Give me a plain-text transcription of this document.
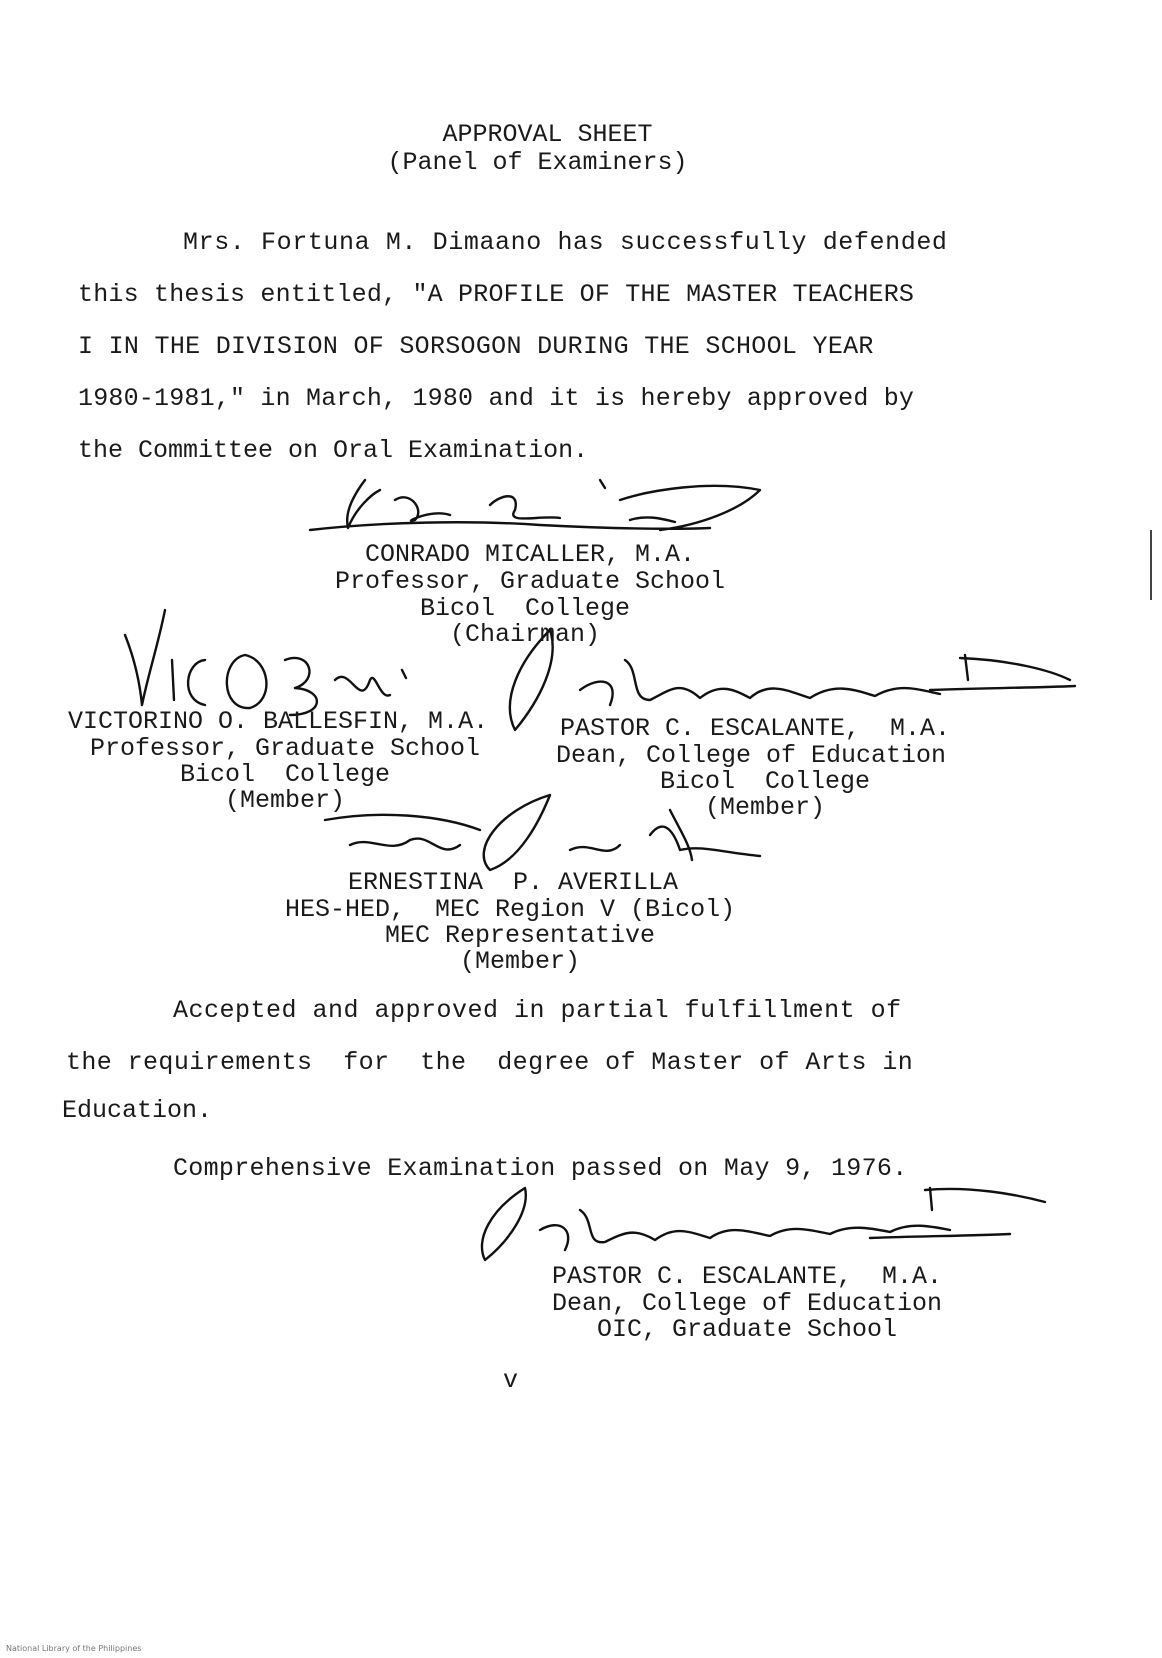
APPROVAL SHEET
(Panel of Examiners)
Mrs. Fortuna M. Dimaano has successfully defended
this thesis entitled, "A PROFILE OF THE MASTER TEACHERS
I IN THE DIVISION OF SORSOGON DURING THE SCHOOL YEAR
1980-1981," in March, 1980 and it is hereby approved by
the Committee on Oral Examination.
CONRADO MICALLER, M.A.
Professor, Graduate School
Bicol  College
(Chairman)
VICTORINO O. BALLESFIN, M.A.
Professor, Graduate School
Bicol  College
(Member)
PASTOR C. ESCALANTE,  M.A.
Dean, College of Education
Bicol  College
(Member)
ERNESTINA  P. AVERILLA
HES-HED,  MEC Region V (Bicol)
MEC Representative
(Member)
Accepted and approved in partial fulfillment of
the requirements  for  the  degree of Master of Arts in
Education.
Comprehensive Examination passed on May 9, 1976.
PASTOR C. ESCALANTE,  M.A.
Dean, College of Education
OIC, Graduate School
v
National Library of the Philippines
